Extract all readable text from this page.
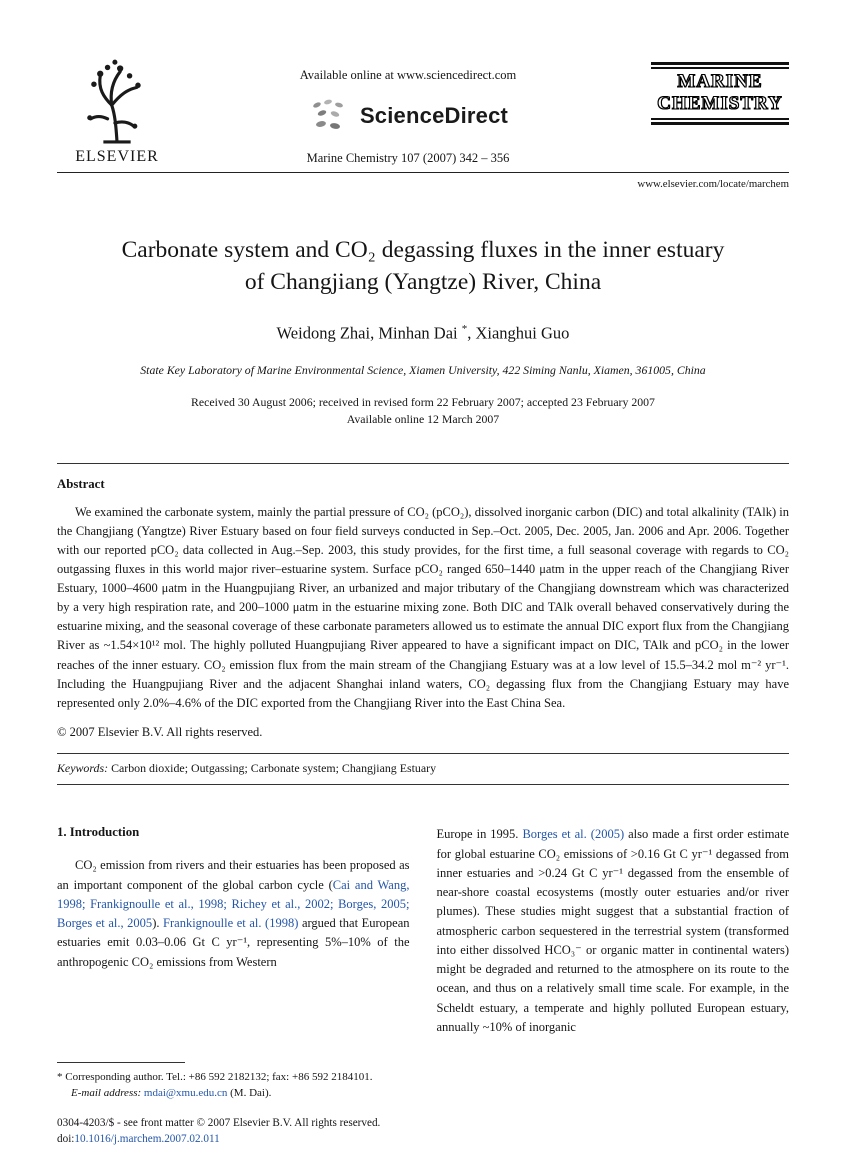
ELSEVIER
Available online at www.sciencedirect.com
ScienceDirect
Marine Chemistry 107 (2007) 342 – 356
MARINE
CHEMISTRY
www.elsevier.com/locate/marchem
Carbonate system and CO₂ degassing fluxes in the inner estuary
of Changjiang (Yangtze) River, China
Weidong Zhai, Minhan Dai *, Xianghui Guo
State Key Laboratory of Marine Environmental Science, Xiamen University, 422 Siming Nanlu, Xiamen, 361005, China
Received 30 August 2006; received in revised form 22 February 2007; accepted 23 February 2007
Available online 12 March 2007
Abstract

We examined the carbonate system, mainly the partial pressure of CO₂ (pCO₂), dissolved inorganic carbon (DIC) and total alkalinity (TAlk) in the Changjiang (Yangtze) River Estuary based on four field surveys conducted in Sep.–Oct. 2005, Dec. 2005, Jan. 2006 and Apr. 2006. Together with our reported pCO₂ data collected in Aug.–Sep. 2003, this study provides, for the first time, a full seasonal coverage with regards to CO₂ outgassing fluxes in this world major river–estuarine system. Surface pCO₂ ranged 650–1440 μatm in the upper reach of the Changjiang River Estuary, 1000–4600 μatm in the Huangpujiang River, an urbanized and major tributary of the Changjiang downstream which was characterized by a very high respiration rate, and 200–1000 μatm in the estuarine mixing zone. Both DIC and TAlk overall behaved conservatively during the estuarine mixing, and the seasonal coverage of these carbonate parameters allowed us to estimate the annual DIC export flux from the Changjiang River as ~1.54×10¹² mol. The highly polluted Huangpujiang River appeared to have a significant impact on DIC, TAlk and pCO₂ in the lower reaches of the inner estuary. CO₂ emission flux from the main stream of the Changjiang Estuary was at a low level of 15.5–34.2 mol m⁻² yr⁻¹. Including the Huangpujiang River and the adjacent Shanghai inland waters, CO₂ degassing flux from the Changjiang Estuary may have represented only 2.0%–4.6% of the DIC exported from the Changjiang River into the East China Sea.

© 2007 Elsevier B.V. All rights reserved.
Keywords: Carbon dioxide; Outgassing; Carbonate system; Changjiang Estuary
1. Introduction

CO₂ emission from rivers and their estuaries has been proposed as an important component of the global carbon cycle (Cai and Wang, 1998; Frankignoulle et al., 1998; Richey et al., 2002; Borges, 2005; Borges et al., 2005). Frankignoulle et al. (1998) argued that European estuaries emit 0.03–0.06 Gt C yr⁻¹, representing 5%–10% of the anthropogenic CO₂ emissions from Western

* Corresponding author. Tel.: +86 592 2182132; fax: +86 592 2184101.
E-mail address: mdai@xmu.edu.cn (M. Dai).
0304-4203/$ - see front matter © 2007 Elsevier B.V. All rights reserved.
doi:10.1016/j.marchem.2007.02.011

Europe in 1995. Borges et al. (2005) also made a first order estimate for global estuarine CO₂ emissions of >0.16 Gt C yr⁻¹ degassed from inner estuaries and >0.24 Gt C yr⁻¹ degassed from the ensemble of near-shore coastal ecosystems (mostly outer estuaries and/or river plumes). These studies might suggest that a substantial fraction of atmospheric carbon sequestered in the terrestrial system (transformed into either dissolved HCO₃⁻ or organic matter in continental waters) might be degraded and returned to the atmosphere on its route to the ocean, and thus on a relatively small time scale. For example, in the Scheldt estuary, a temperate and highly polluted European estuary, annually ~10% of inorganic
